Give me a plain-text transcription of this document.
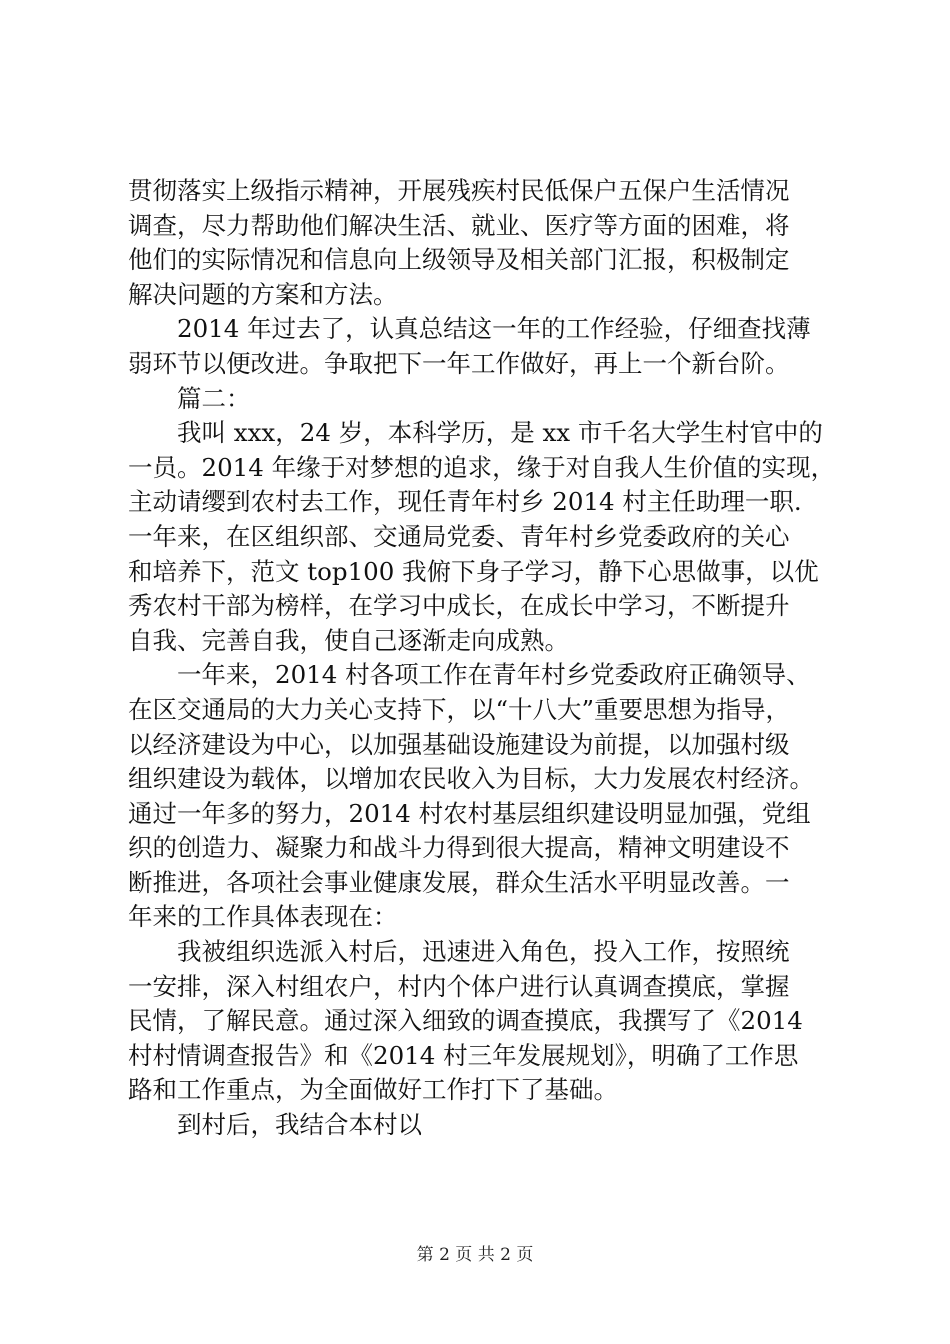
贯彻落实上级指示精神，开展残疾村民低保户五保户生活情况
调查，尽力帮助他们解决生活、就业、医疗等方面的困难，将
他们的实际情况和信息向上级领导及相关部门汇报，积极制定
解决问题的方案和方法。
2014 年过去了，认真总结这一年的工作经验，仔细查找薄
弱环节以便改进。争取把下一年工作做好，再上一个新台阶。
篇二：
我叫 xxx，24 岁，本科学历，是 xx 市千名大学生村官中的
一员。2014 年缘于对梦想的追求，缘于对自我人生价值的实现，
主动请缨到农村去工作，现任青年村乡 2014 村主任助理一职.
一年来，在区组织部、交通局党委、青年村乡党委政府的关心
和培养下，范文 top100 我俯下身子学习，静下心思做事，以优
秀农村干部为榜样，在学习中成长，在成长中学习，不断提升
自我、完善自我，使自己逐渐走向成熟。
一年来，2014 村各项工作在青年村乡党委政府正确领导、
在区交通局的大力关心支持下，以“十八大”重要思想为指导，
以经济建设为中心，以加强基础设施建设为前提，以加强村级
组织建设为载体，以增加农民收入为目标，大力发展农村经济。
通过一年多的努力，2014 村农村基层组织建设明显加强，党组
织的创造力、凝聚力和战斗力得到很大提高，精神文明建设不
断推进，各项社会事业健康发展，群众生活水平明显改善。一
年来的工作具体表现在：
我被组织选派入村后，迅速进入角色，投入工作，按照统
一安排，深入村组农户，村内个体户进行认真调查摸底，掌握
民情，了解民意。通过深入细致的调查摸底，我撰写了《2014
村村情调查报告》和《2014 村三年发展规划》，明确了工作思
路和工作重点，为全面做好工作打下了基础。
到村后，我结合本村以
第 2 页 共 2 页
